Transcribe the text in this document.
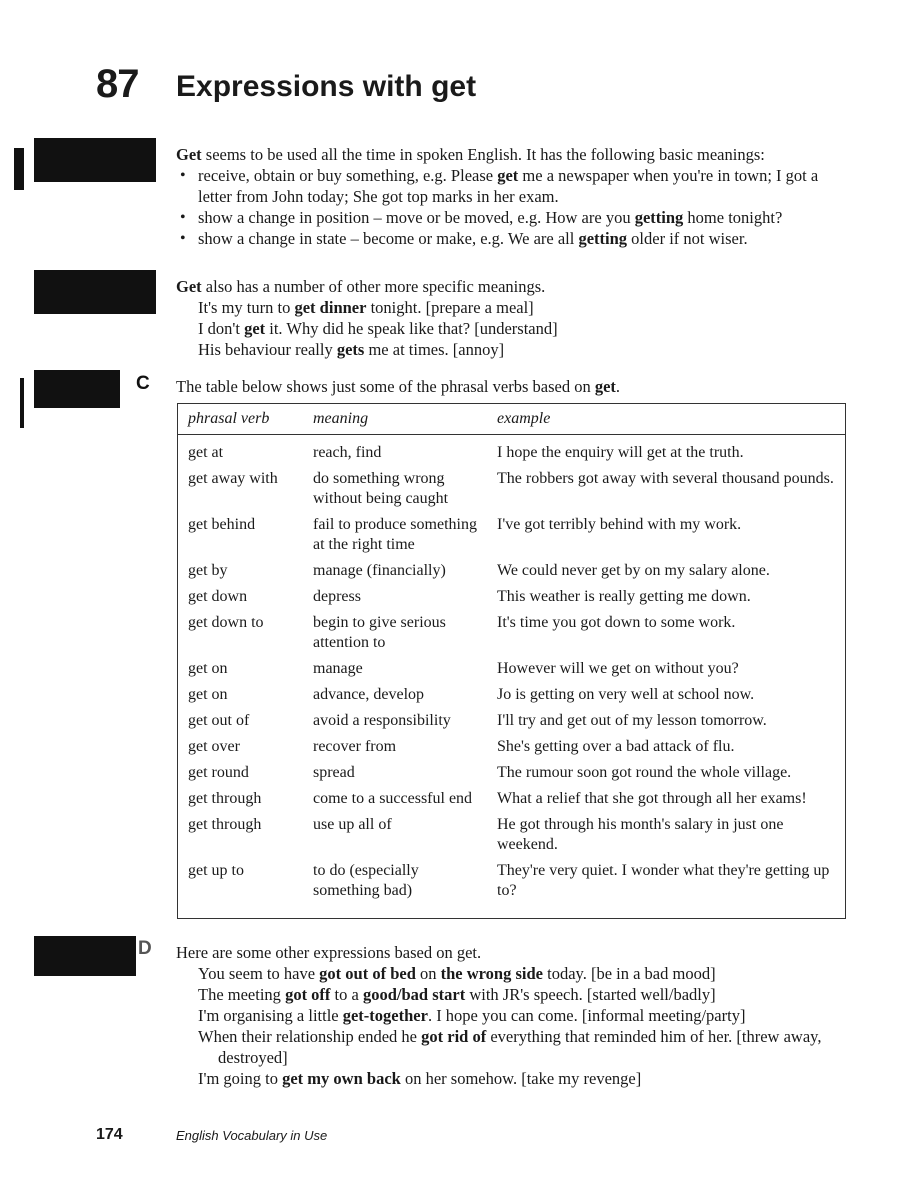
87 Expressions with get
C
D
Get seems to be used all the time in spoken English. It has the following basic meanings:
• receive, obtain or buy something, e.g. Please get me a newspaper when you're in town; I got a letter from John today; She got top marks in her exam.
• show a change in position – move or be moved, e.g. How are you getting home tonight?
• show a change in state – become or make, e.g. We are all getting older if not wiser.
Get also has a number of other more specific meanings.
It's my turn to get dinner tonight. [prepare a meal]
I don't get it. Why did he speak like that? [understand]
His behaviour really gets me at times. [annoy]
The table below shows just some of the phrasal verbs based on get.
phrasal verb	meaning	example
get at	reach, find	I hope the enquiry will get at the truth.
get away with	do something wrong without being caught	The robbers got away with several thousand pounds.
get behind	fail to produce something at the right time	I've got terribly behind with my work.
get by	manage (financially)	We could never get by on my salary alone.
get down	depress	This weather is really getting me down.
get down to	begin to give serious attention to	It's time you got down to some work.
get on	manage	However will we get on without you?
get on	advance, develop	Jo is getting on very well at school now.
get out of	avoid a responsibility	I'll try and get out of my lesson tomorrow.
get over	recover from	She's getting over a bad attack of flu.
get round	spread	The rumour soon got round the whole village.
get through	come to a successful end	What a relief that she got through all her exams!
get through	use up all of	He got through his month's salary in just one weekend.
get up to	to do (especially something bad)	They're very quiet. I wonder what they're getting up to?
Here are some other expressions based on get.
You seem to have got out of bed on the wrong side today. [be in a bad mood]
The meeting got off to a good/bad start with JR's speech. [started well/badly]
I'm organising a little get-together. I hope you can come. [informal meeting/party]
When their relationship ended he got rid of everything that reminded him of her. [threw away, destroyed]
I'm going to get my own back on her somehow. [take my revenge]
174	English Vocabulary in Use
